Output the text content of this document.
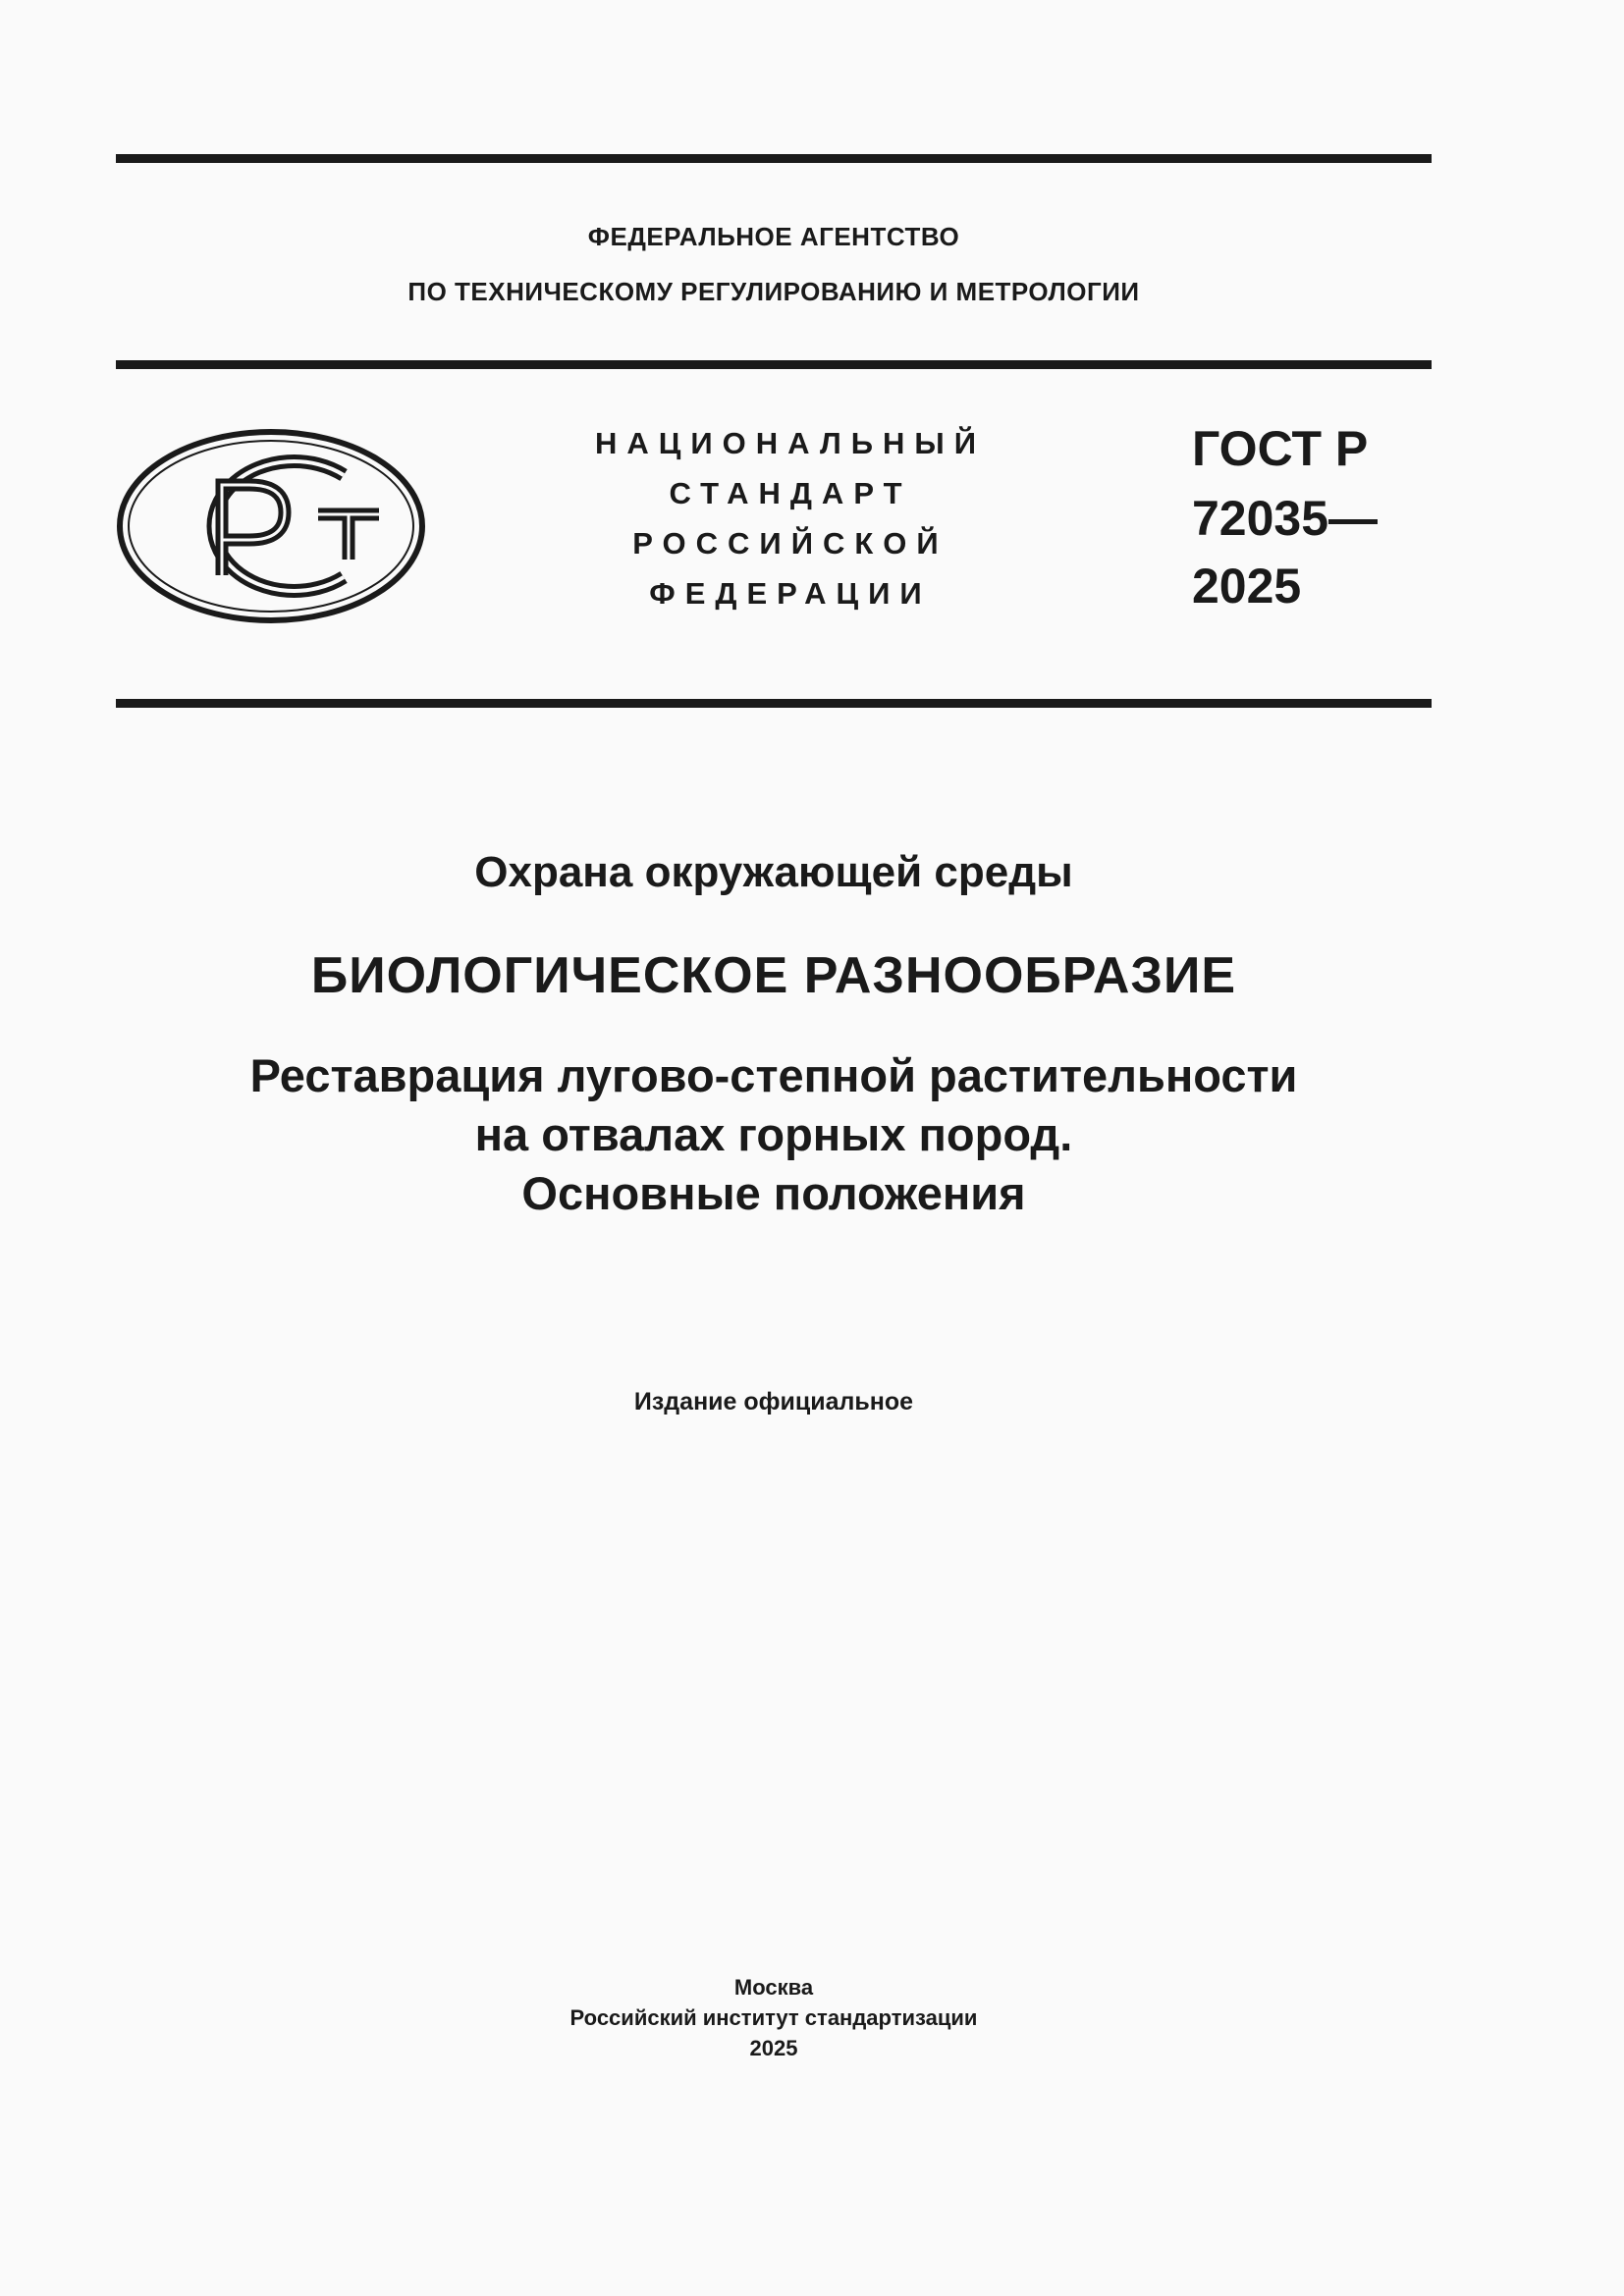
ФЕДЕРАЛЬНОЕ АГЕНТСТВО
ПО ТЕХНИЧЕСКОМУ РЕГУЛИРОВАНИЮ И МЕТРОЛОГИИ
НАЦИОНАЛЬНЫЙ
СТАНДАРТ
РОССИЙСКОЙ
ФЕДЕРАЦИИ
ГОСТ Р
72035—
2025
Охрана окружающей среды
БИОЛОГИЧЕСКОЕ РАЗНООБРАЗИЕ
Реставрация лугово-степной растительности
на отвалах горных пород.
Основные положения
Издание официальное
Москва
Российский институт стандартизации
2025
